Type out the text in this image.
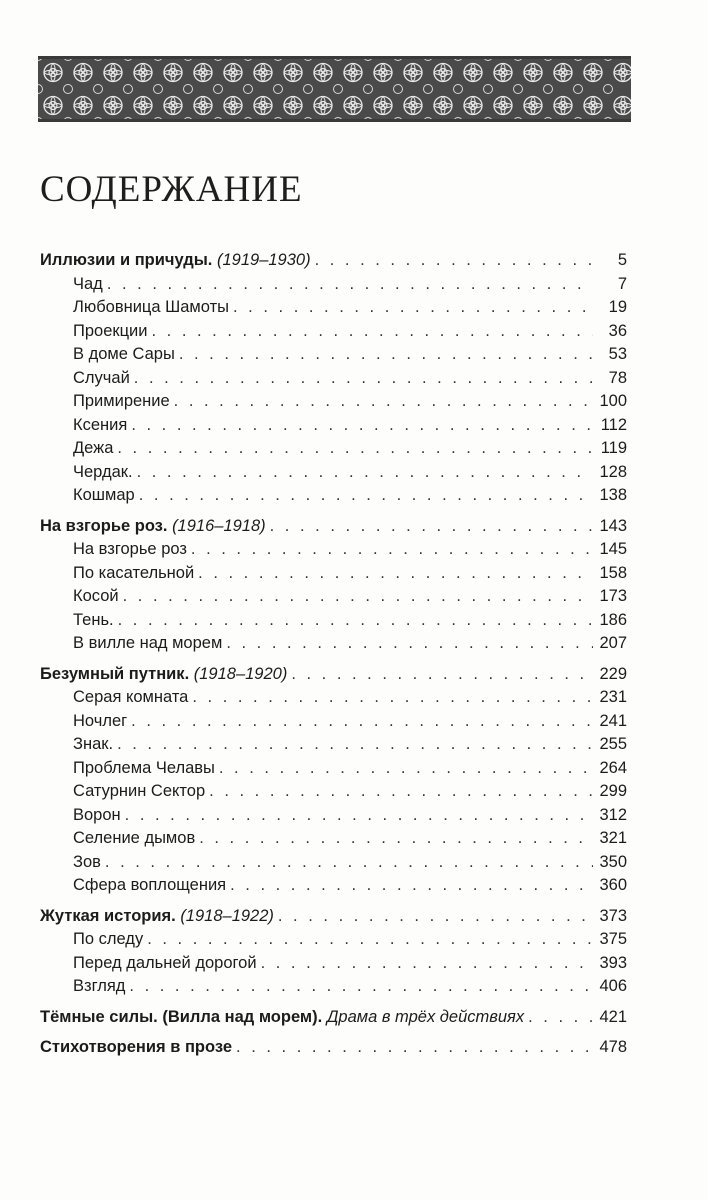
СОДЕРЖАНИЕ
Иллюзии и причуды. (1919–1930) . . .	5
Чад . . .	7
Любовница Шамоты . . .	19
Проекции . . .	36
В доме Сары . . .	53
Случай . . .	78
Примирение . . .	100
Ксения . . .	112
Дежа . . .	119
Чердак. . . .	128
Кошмар . . .	138
На взгорье роз. (1916–1918) . . .	143
На взгорье роз . . .	145
По касательной . . .	158
Косой . . .	173
Тень. . . .	186
В вилле над морем . . .	207
Безумный путник. (1918–1920) . . .	229
Серая комната . . .	231
Ночлег . . .	241
Знак. . . .	255
Проблема Челавы . . .	264
Сатурнин Сектор . . .	299
Ворон . . .	312
Селение дымов . . .	321
Зов . . .	350
Сфера воплощения . . .	360
Жуткая история. (1918–1922) . . .	373
По следу . . .	375
Перед дальней дорогой . . .	393
Взгляд . . .	406
Тёмные силы. (Вилла над морем). Драма в трёх действиях . . .	421
Стихотворения в прозе . . .	478
